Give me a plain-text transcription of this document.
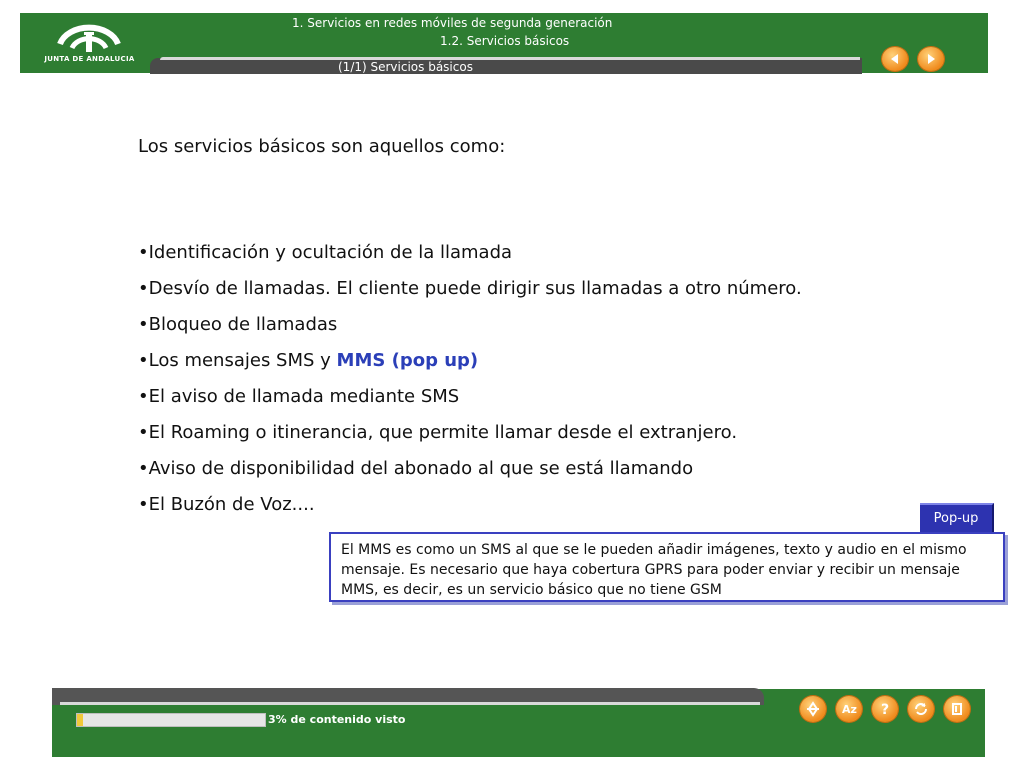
JUNTA DE ANDALUCIA
1. Servicios en redes móviles de segunda generación
1.2. Servicios básicos
(1/1) Servicios básicos
Los servicios básicos son aquellos como:
•Identificación y ocultación de la llamada
•Desvío de llamadas. El cliente puede dirigir sus llamadas a otro número.
•Bloqueo de llamadas
•Los mensajes SMS y MMS (pop up)
•El aviso de llamada mediante SMS
•El Roaming o itinerancia, que permite llamar desde el extranjero.
•Aviso de disponibilidad del abonado al que se está llamando
•El Buzón de Voz....
Pop-up
El MMS es como un SMS al que se le pueden añadir imágenes, texto y audio en el mismo mensaje. Es necesario que haya cobertura GPRS para poder enviar y recibir un mensaje MMS, es decir, es un servicio básico que no tiene GSM
3% de contenido visto
Az ?
